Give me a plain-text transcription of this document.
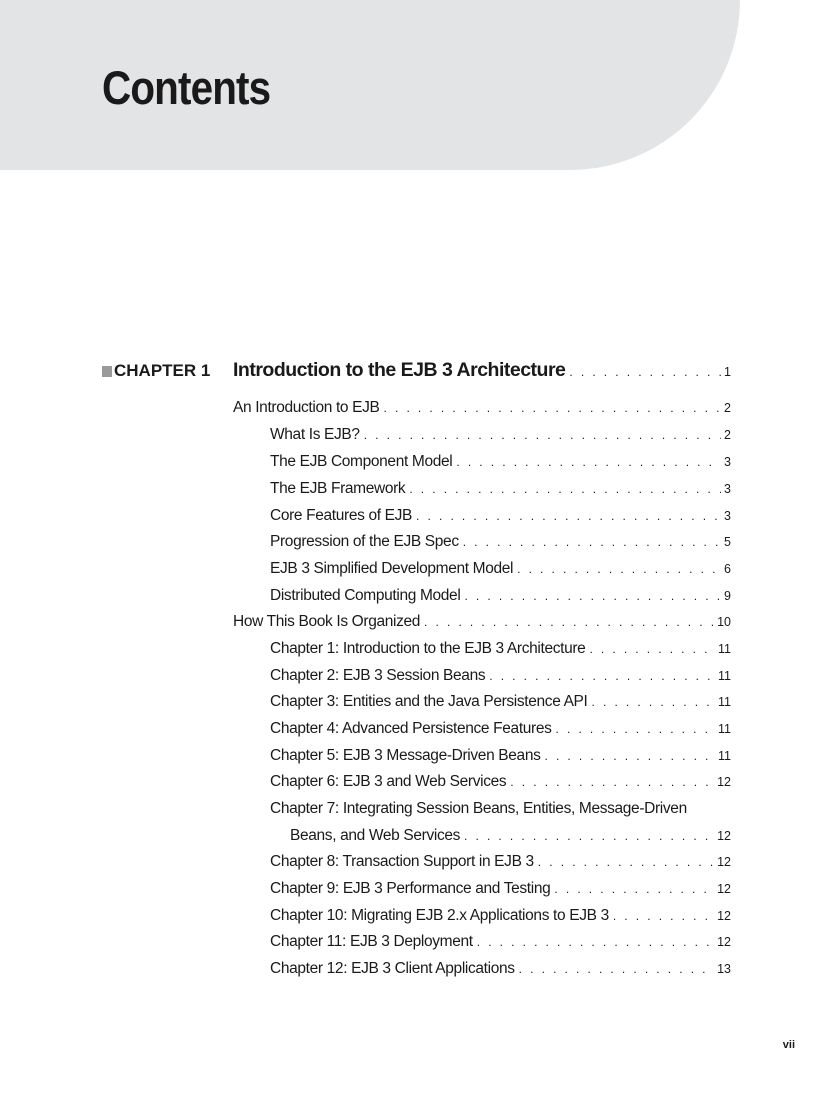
Contents
CHAPTER 1 Introduction to the EJB 3 Architecture . . .	1
An Introduction to EJB . . .	2
What Is EJB? . . .	2
The EJB Component Model . . .	3
The EJB Framework . . .	3
Core Features of EJB . . .	3
Progression of the EJB Spec . . .	5
EJB 3 Simplified Development Model . . .	6
Distributed Computing Model . . .	9
How This Book Is Organized . . .	10
Chapter 1: Introduction to the EJB 3 Architecture . . .	11
Chapter 2: EJB 3 Session Beans . . .	11
Chapter 3: Entities and the Java Persistence API . . .	11
Chapter 4: Advanced Persistence Features . . .	11
Chapter 5: EJB 3 Message-Driven Beans . . .	11
Chapter 6: EJB 3 and Web Services . . .	12
Chapter 7: Integrating Session Beans, Entities, Message-Driven
Beans, and Web Services . . .	12
Chapter 8: Transaction Support in EJB 3 . . .	12
Chapter 9: EJB 3 Performance and Testing . . .	12
Chapter 10: Migrating EJB 2.x Applications to EJB 3 . . .	12
Chapter 11: EJB 3 Deployment . . .	12
Chapter 12: EJB 3 Client Applications . . .	13
vii
